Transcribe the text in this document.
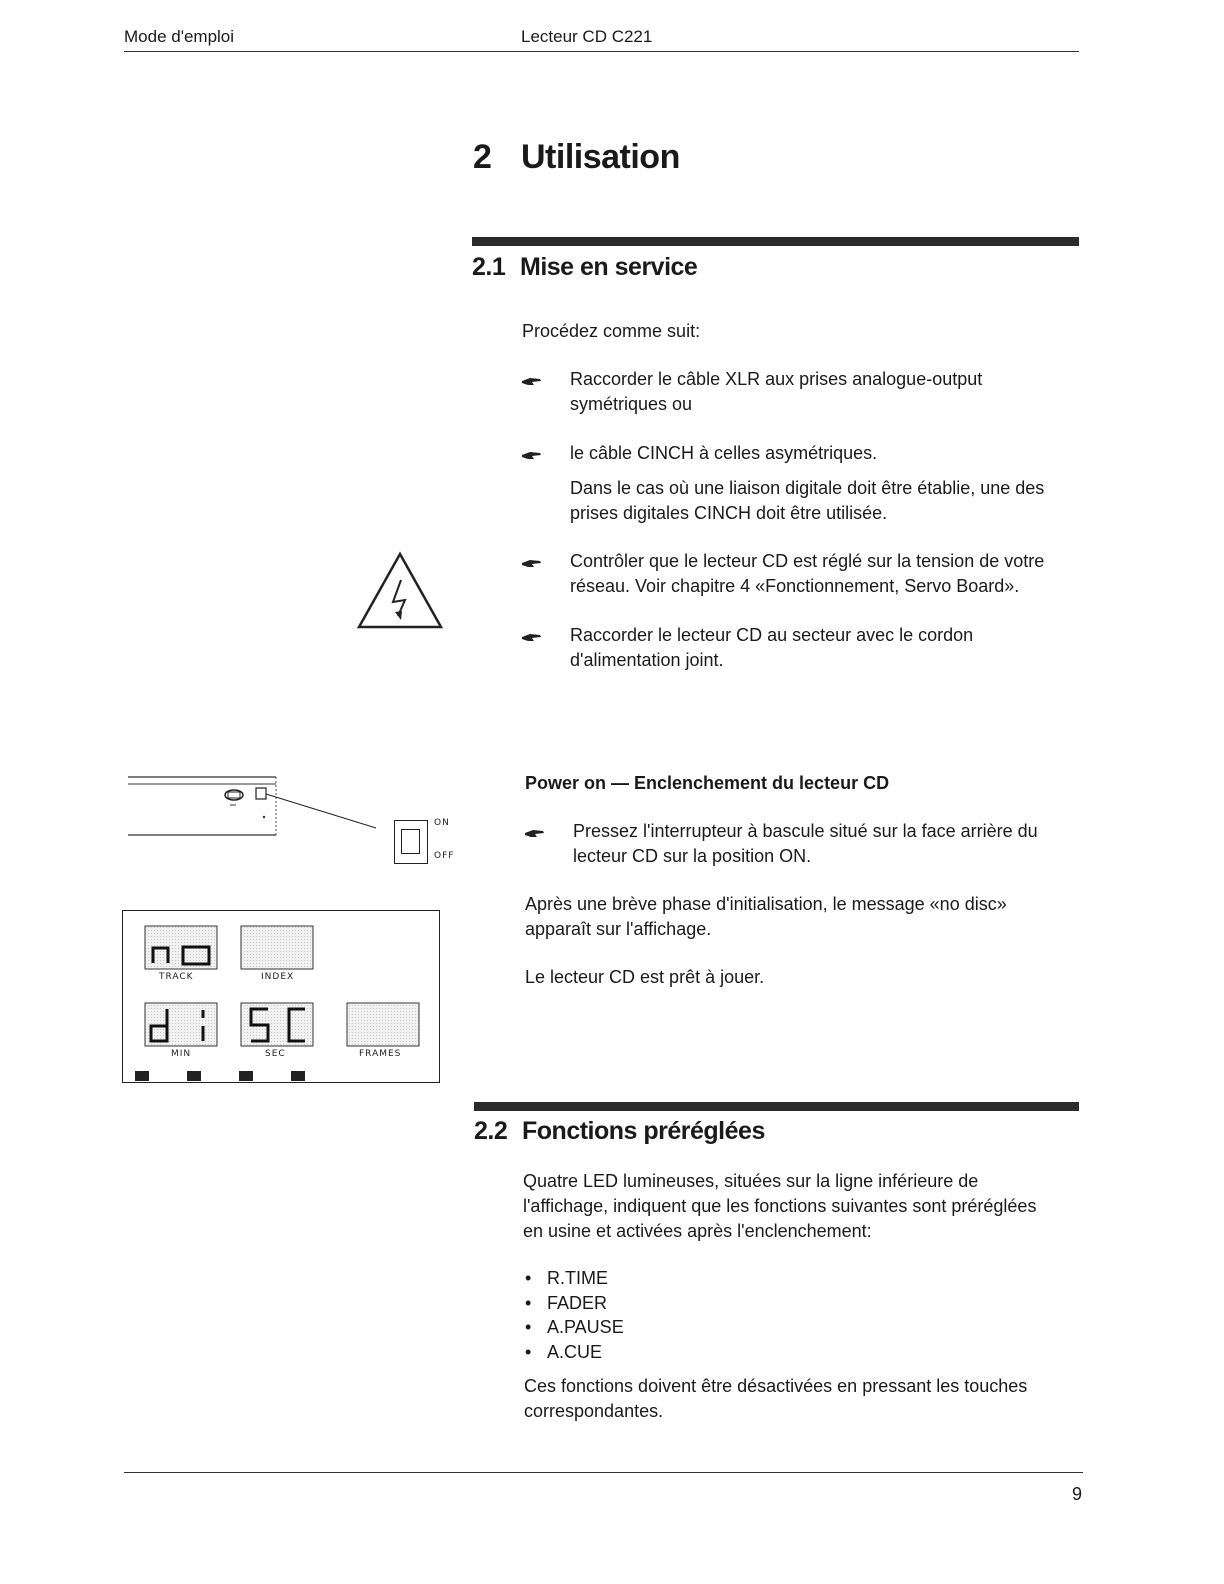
Mode d'emploi	Lecteur CD C221
2 Utilisation
2.1 Mise en service
Procédez comme suit:
Raccorder le câble XLR aux prises analogue-output
symétriques ou
le câble CINCH à celles asymétriques.
Dans le cas où une liaison digitale doit être établie, une des
prises digitales CINCH doit être utilisée.
Contrôler que le lecteur CD est réglé sur la tension de votre
réseau. Voir chapitre 4 «Fonctionnement, Servo Board».
Raccorder le lecteur CD au secteur avec le cordon
d'alimentation joint.
ON
OFF
Power on — Enclenchement du lecteur CD
Pressez l'interrupteur à bascule situé sur la face arrière du
lecteur CD sur la position ON.
Après une brève phase d'initialisation, le message «no disc»
apparaît sur l'affichage.
Le lecteur CD est prêt à jouer.
TRACK	INDEX
MIN	SEC	FRAMES
2.2 Fonctions préréglées
Quatre LED lumineuses, situées sur la ligne inférieure de
l'affichage, indiquent que les fonctions suivantes sont préréglées
en usine et activées après l'enclenchement:
• R.TIME
• FADER
• A.PAUSE
• A.CUE
Ces fonctions doivent être désactivées en pressant les touches
correspondantes.
9
